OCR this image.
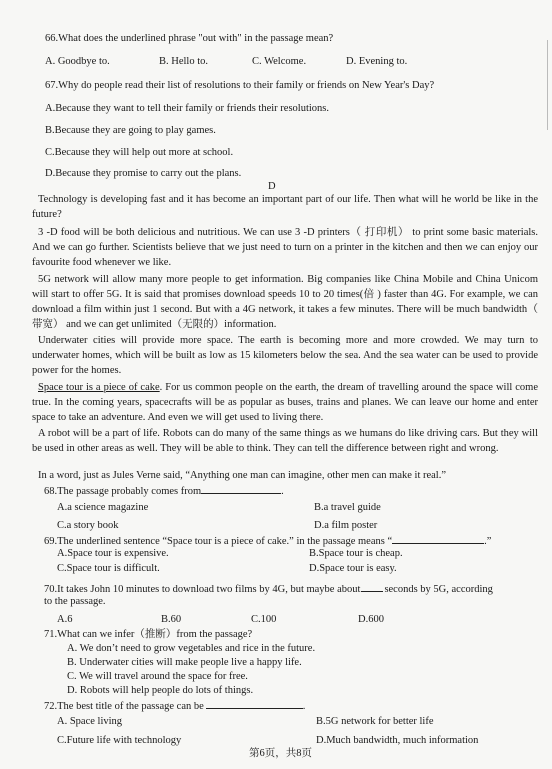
66.What does the underlined phrase "out with" in the passage mean?
A. Goodbye to.	B. Hello to.	C. Welcome.	D. Evening to.
67.Why do people read their list of resolutions to their family or friends on New Year's Day?
A.Because they want to tell their family or friends their resolutions.
B.Because they are going to play games.
C.Because they will help out more at school.
D.Because they promise to carry out the plans.
D
Technology is developing fast and it has become an important part of our life. Then what will he world be like in the future?
3 -D food will be both delicious and nutritious. We can use 3 -D printers（ 打印机） to print some basic materials. And we can go further. Scientists believe that we just need to turn on a printer in the kitchen and then we can enjoy our favourite food whenever we like.
5G network will allow many more people to get information. Big companies like China Mobile and China Unicom will start to offer 5G. It is said that promises download speeds 10 to 20 times(倍 ) faster than 4G. For example, we can download a film within just 1 second. But with a 4G network, it takes a few minutes. There will be much bandwidth（ 带宽） and we can get unlimited（无限的）information.
Underwater cities will provide more space. The earth is becoming more and more crowded. We may turn to underwater homes, which will be built as low as 15 kilometers below the sea. And the sea water can be used to provide power for the homes.
Space tour is a piece of cake. For us common people on the earth, the dream of travelling around the space will come true. In the coming years, spacecrafts will be as popular as buses, trains and planes. We can leave our home and enter space to take an adventure. And even we will get used to living there.
A robot will be a part of life. Robots can do many of the same things as we humans do like driving cars. But they will be used in other areas as well. They will be able to think. They can tell the difference between right and wrong.
In a word, just as Jules Verne said, “Anything one man can imagine, other men can make it real.”
68.The passage probably comes from	.
A.a science magazine	B.a travel guide
C.a story book	D.a film poster
69.The underlined sentence “Space tour is a piece of cake.” in the passage means “	.”
A.Space tour is expensive.	B.Space tour is cheap.
C.Space tour is difficult.	D.Space tour is easy.
70.It takes John 10 minutes to download two films by 4G, but maybe about seconds by 5G, according
to the passage.
A.6	B.60	C.100	D.600
71.What can we infer（推断）from the passage?
A. We don’t need to grow vegetables and rice in the future.
B. Underwater cities will make people live a happy life.
C. We will travel around the space for free.
D. Robots will help people do lots of things.
72.The best title of the passage can be	.
A. Space living	B.5G network for better life
C.Future life with technology	D.Much bandwidth, much information
第6页，共8页
